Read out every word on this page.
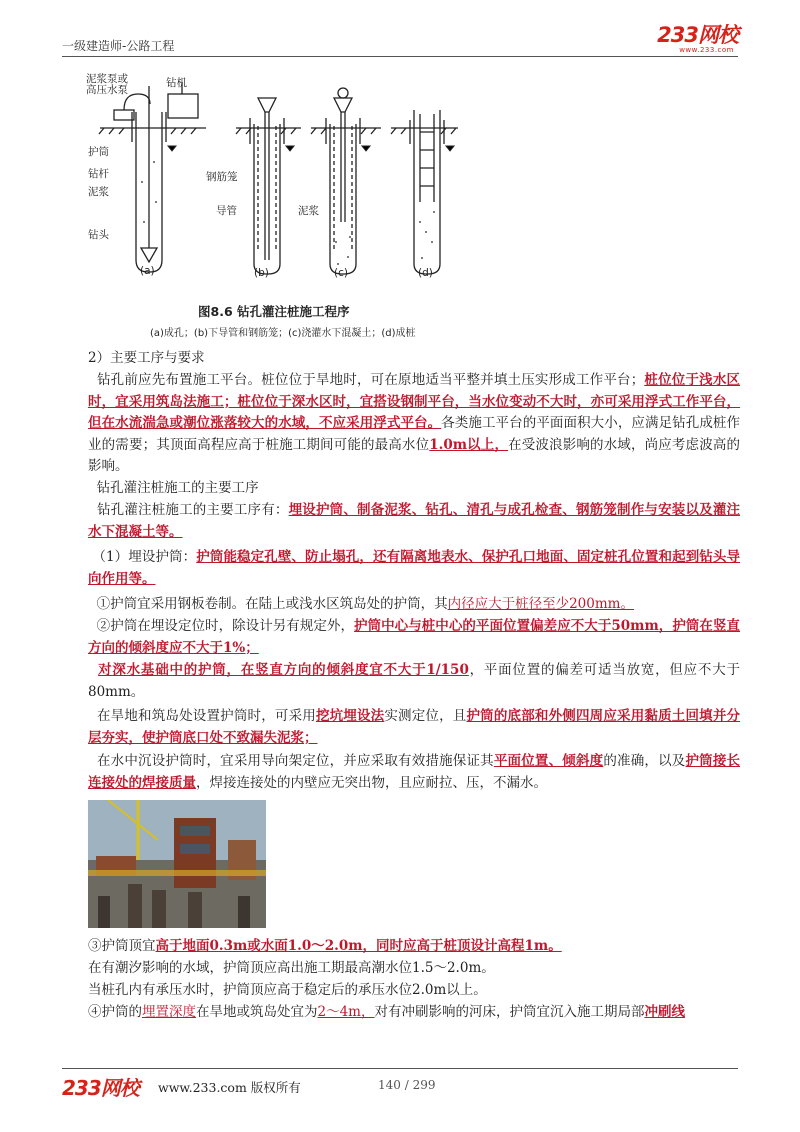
一级建造师-公路工程	233网校
www.233.com
泥浆泵或
高压水泵
钻机
护筒
钻杆
泥浆
钻头
钢筋笼
导管	泥浆
(a)	(b)	(c)	(d)
图8.6 钻孔灌注桩施工程序
(a)成孔；(b)下导管和钢筋笼；(c)浇灌水下混凝土；(d)成桩
2）主要工序与要求
钻孔前应先布置施工平台。桩位位于旱地时，可在原地适当平整并填土压实形成工作平台；桩位位于浅水区时，宜采用筑岛法施工；桩位位于深水区时，宜搭设钢制平台，当水位变动不大时，亦可采用浮式工作平台，但在水流湍急或潮位涨落较大的水域，不应采用浮式平台。各类施工平台的平面面积大小，应满足钻孔成桩作业的需要；其顶面高程应高于桩施工期间可能的最高水位1.0m以上，在受波浪影响的水域，尚应考虑波高的影响。
钻孔灌注桩施工的主要工序
钻孔灌注桩施工的主要工序有：埋设护筒、制备泥浆、钻孔、清孔与成孔检查、钢筋笼制作与安装以及灌注水下混凝土等。
（1）埋设护筒：护筒能稳定孔壁、防止塌孔，还有隔离地表水、保护孔口地面、固定桩孔位置和起到钻头导向作用等。
①护筒宜采用钢板卷制。在陆上或浅水区筑岛处的护筒，其内径应大于桩径至少200mm。
②护筒在埋设定位时，除设计另有规定外，护筒中心与桩中心的平面位置偏差应不大于50mm，护筒在竖直方向的倾斜度应不大于1%；
对深水基础中的护筒，在竖直方向的倾斜度宜不大于1/150，平面位置的偏差可适当放宽，但应不大于80mm。
在旱地和筑岛处设置护筒时，可采用挖坑埋设法实测定位，且护筒的底部和外侧四周应采用黏质土回填并分层夯实，使护筒底口处不致漏失泥浆；
在水中沉设护筒时，宜采用导向架定位，并应采取有效措施保证其平面位置、倾斜度的准确，以及护筒接长连接处的焊接质量，焊接连接处的内壁应无突出物，且应耐拉、压，不漏水。
③护筒顶宜高于地面0.3m或水面1.0～2.0m，同时应高于桩顶设计高程1m。
在有潮汐影响的水域，护筒顶应高出施工期最高潮水位1.5～2.0m。
当桩孔内有承压水时，护筒顶应高于稳定后的承压水位2.0m以上。
④护筒的埋置深度在旱地或筑岛处宜为2～4m，对有冲刷影响的河床，护筒宜沉入施工期局部冲刷线
233网校 www.233.com 版权所有	140 / 299
